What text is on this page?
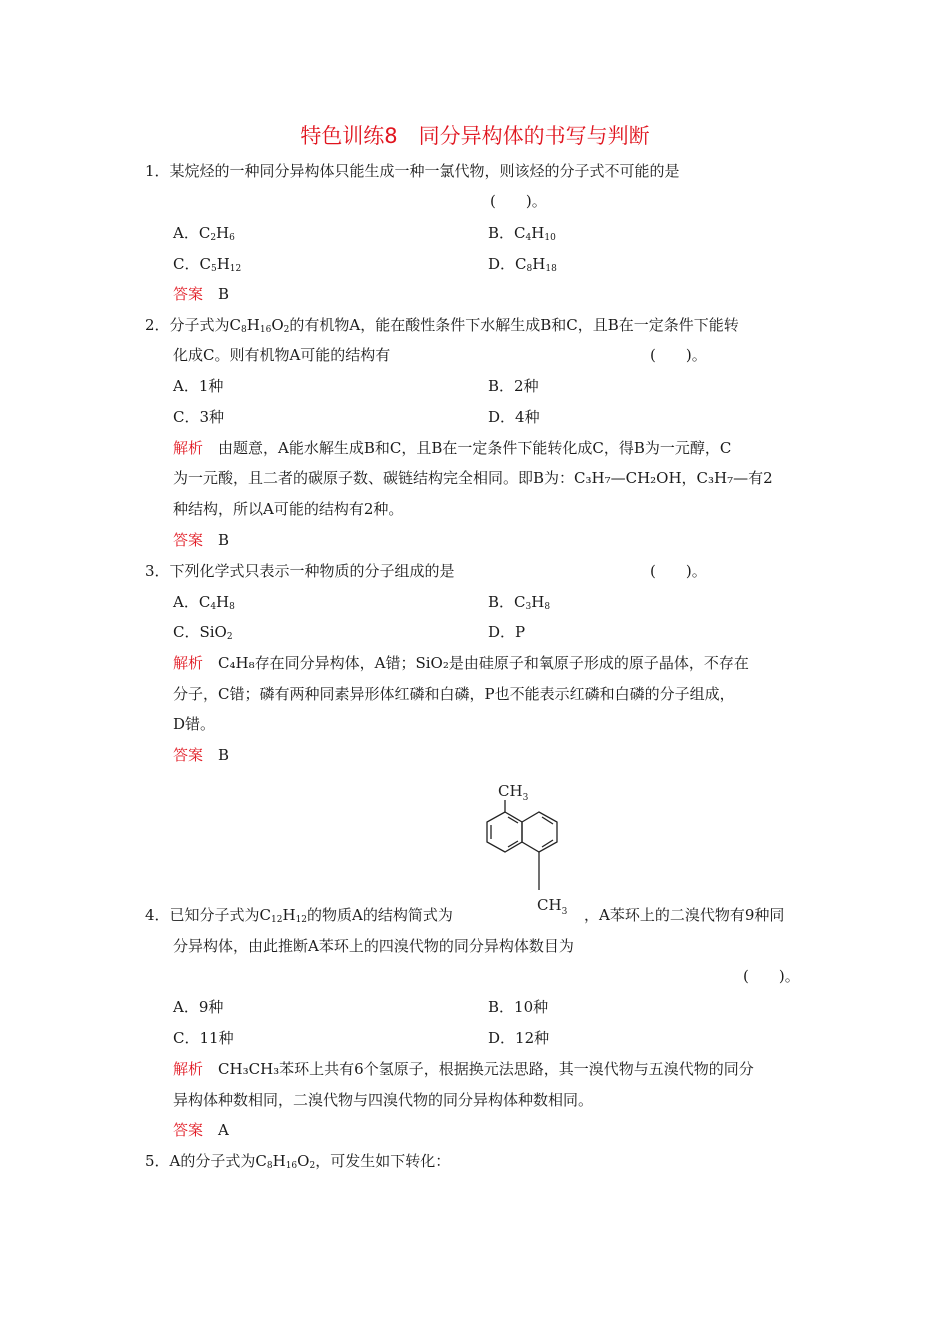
特色训练8　同分异构体的书写与判断
1．某烷烃的一种同分异构体只能生成一种一氯代物，则该烃的分子式不可能的是
(　　)。
A．$C_2H_6$	B．$C_4H_{10}$
C．$C_5H_{12}$	D．$C_8H_{18}$
答案　 B
2．分子式为$C_8H_{16}O_2$的有机物A，能在酸性条件下水解生成B和C，且B在一定条件下能转
化成C。则有机物A可能的结构有	(　　)。
A．1种	B．2种
C．3种	D．4种
解析　 由题意，A能水解生成B和C，且B在一定条件下能转化成C，得B为一元醇，C
为一元酸，且二者的碳原子数、碳链结构完全相同。即B为：C₃H₇—CH₂OH，C₃H₇—有2
种结构，所以A可能的结构有2种。
答案　 B
3．下列化学式只表示一种物质的分子组成的是	(　　)。
A．$C_4H_8$	B．$C_3H_8$
C．SiO$_2$	D．P
解析　 C₄H₈存在同分异构体，A错；SiO₂是由硅原子和氧原子形成的原子晶体，不存在
分子，C错；磷有两种同素异形体红磷和白磷，P也不能表示红磷和白磷的分子组成，
D错。
答案　 B
$CH_3$
$CH_3$
4．已知分子式为$C_{12}H_{12}$的物质A的结构简式为	，A苯环上的二溴代物有9种同
分异构体，由此推断A苯环上的四溴代物的同分异构体数目为
(　　)。
A．9种	B．10种
C．11种	D．12种
解析　 CH₃CH₃苯环上共有6个氢原子，根据换元法思路，其一溴代物与五溴代物的同分
异构体种数相同，二溴代物与四溴代物的同分异构体种数相同。
答案　 A
5．A的分子式为$C_8H_{16}O_2$，可发生如下转化：
